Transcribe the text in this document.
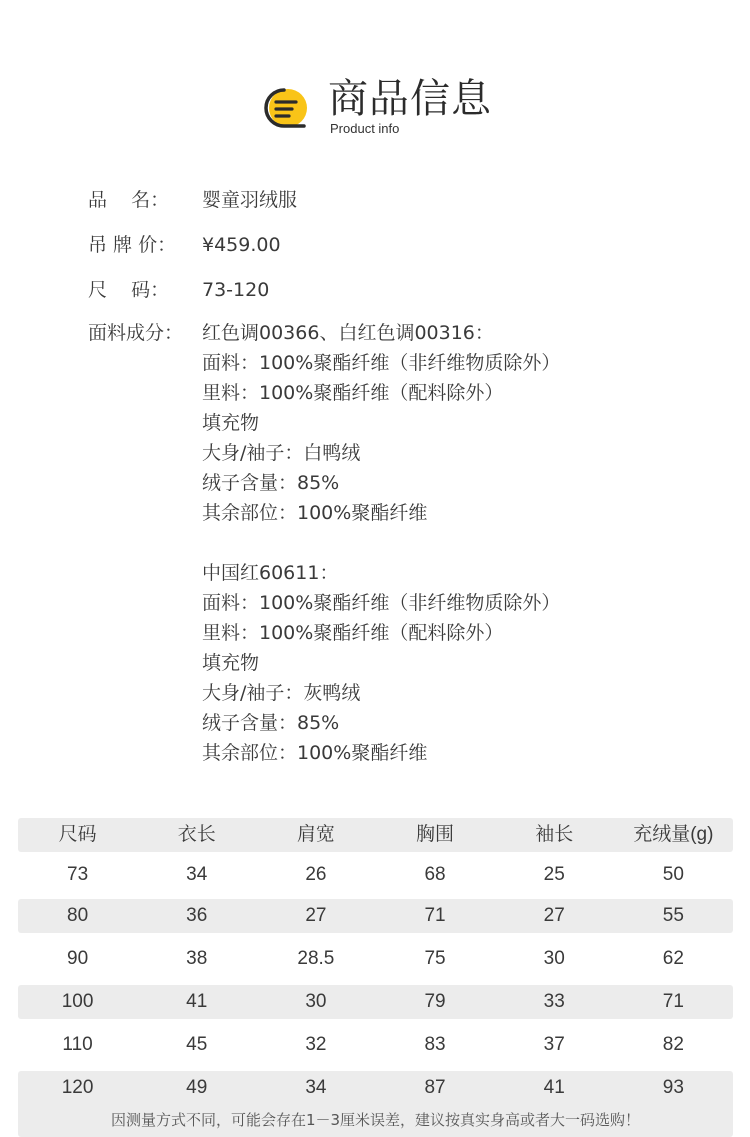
商品信息
Product info
品    名： 婴童羽绒服
吊 牌 价： ¥459.00
尺    码： 73-120
面料成分： 红色调00366、白红色调00316：
面料：100%聚酯纤维（非纤维物质除外）
里料：100%聚酯纤维（配料除外）
填充物
大身/袖子：白鸭绒
绒子含量：85%
其余部位：100%聚酯纤维
中国红60611：
面料：100%聚酯纤维（非纤维物质除外）
里料：100%聚酯纤维（配料除外）
填充物
大身/袖子：灰鸭绒
绒子含量：85%
其余部位：100%聚酯纤维
尺码	衣长	肩宽	胸围	袖长	充绒量(g)
73	34	26	68	25	50
80	36	27	71	27	55
90	38	28.5	75	30	62
100	41	30	79	33	71
110	45	32	83	37	82
120	49	34	87	41	93
因测量方式不同，可能会存在1－3厘米误差，建议按真实身高或者大一码选购！
